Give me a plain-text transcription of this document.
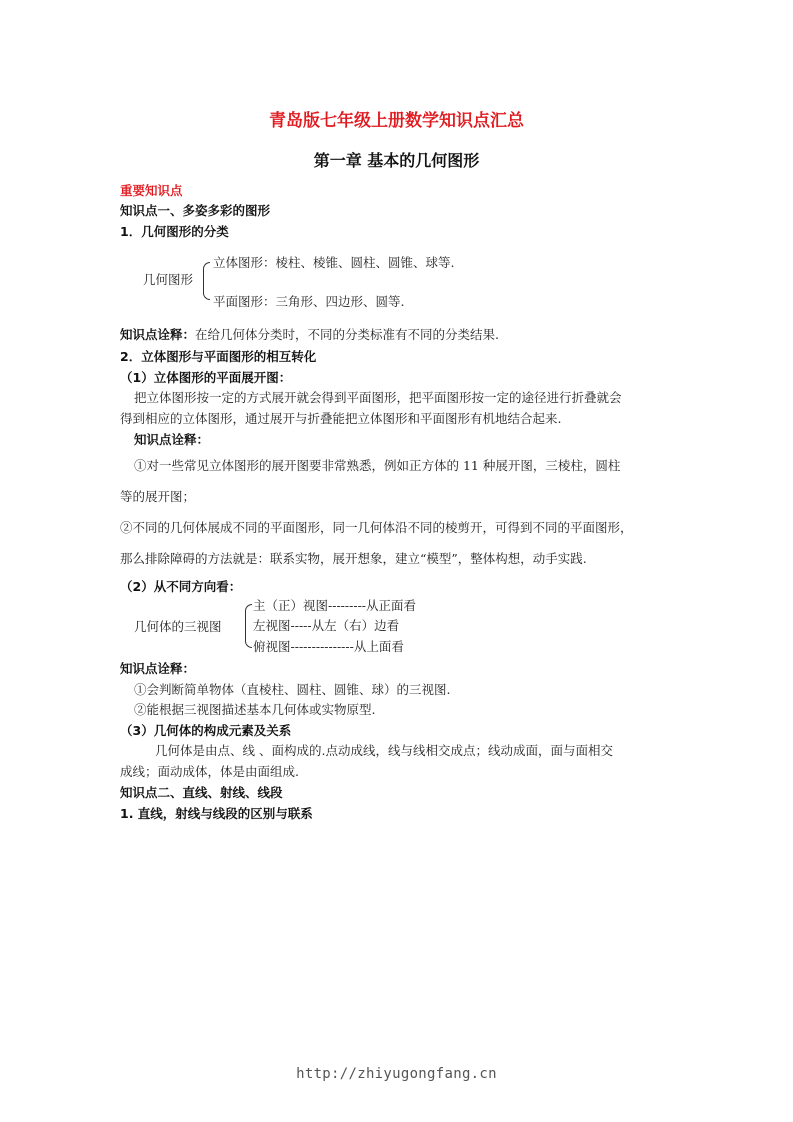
青岛版七年级上册数学知识点汇总
第一章 基本的几何图形
重要知识点
知识点一、多姿多彩的图形
1．几何图形的分类
几何图形
立体图形：棱柱、棱锥、圆柱、圆锥、球等.
平面图形：三角形、四边形、圆等.
知识点诠释：在给几何体分类时，不同的分类标准有不同的分类结果.
2．立体图形与平面图形的相互转化
（1）立体图形的平面展开图：
把立体图形按一定的方式展开就会得到平面图形，把平面图形按一定的途径进行折叠就会
得到相应的立体图形，通过展开与折叠能把立体图形和平面图形有机地结合起来.
知识点诠释：
①对一些常见立体图形的展开图要非常熟悉，例如正方体的 11 种展开图，三棱柱，圆柱
等的展开图；
②不同的几何体展成不同的平面图形，同一几何体沿不同的棱剪开，可得到不同的平面图形，
那么排除障碍的方法就是：联系实物，展开想象，建立“模型”，整体构想，动手实践.
（2）从不同方向看：
几何体的三视图
主（正）视图---------从正面看
左视图-----从左（右）边看
俯视图---------------从上面看
知识点诠释：
①会判断简单物体（直棱柱、圆柱、圆锥、球）的三视图.
②能根据三视图描述基本几何体或实物原型.
（3）几何体的构成元素及关系
几何体是由点、线 、面构成的.点动成线，线与线相交成点；线动成面，面与面相交
成线；面动成体，体是由面组成.
知识点二、直线、射线、线段
1. 直线，射线与线段的区别与联系
http://zhiyugongfang.cn
